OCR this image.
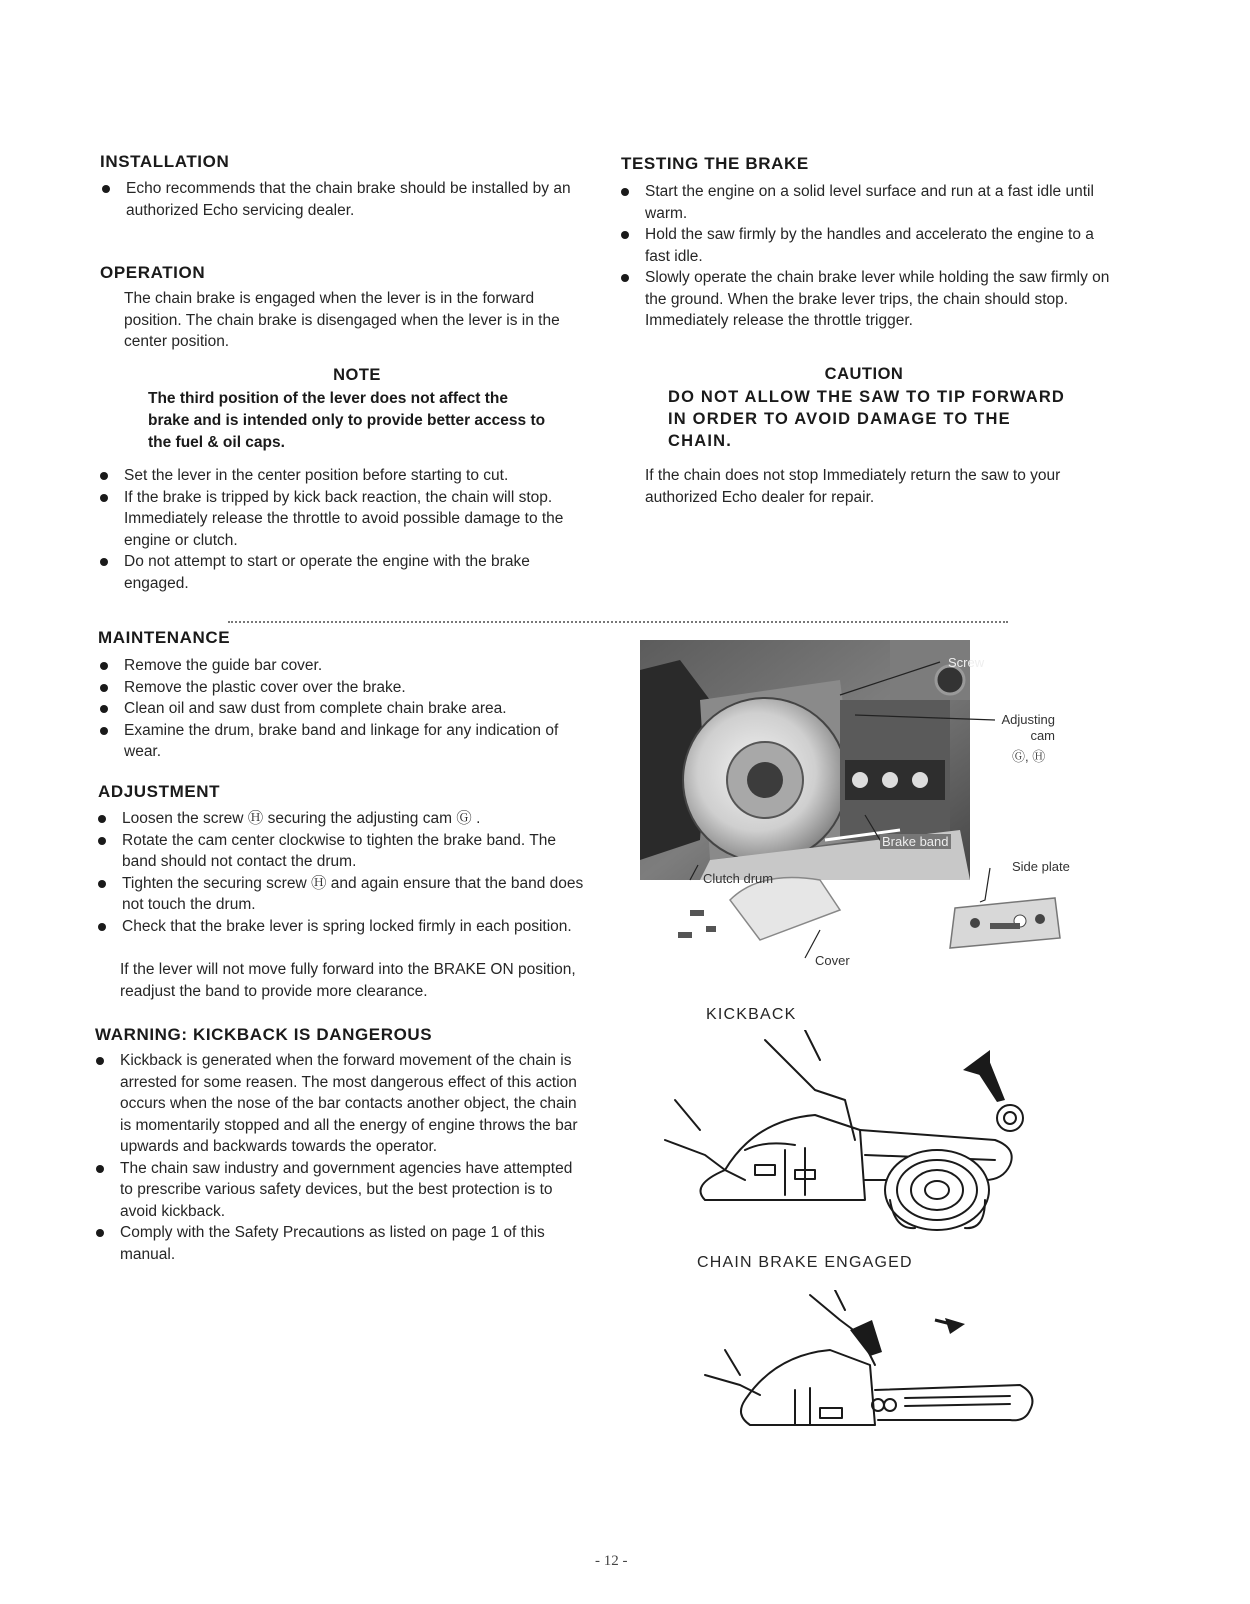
INSTALLATION
Echo recommends that the chain brake should be installed by an authorized Echo servicing dealer.
OPERATION
The chain brake is engaged when the lever is in the forward position. The chain brake is disengaged when the lever is in the center position.
NOTE
The third position of the lever does not affect the brake and is intended only to provide better access to the fuel & oil caps.
Set the lever in the center position before starting to cut.
If the brake is tripped by kick back reaction, the chain will stop. Immediately release the throttle to avoid possible damage to the engine or clutch.
Do not attempt to start or operate the engine with the brake engaged.
TESTING THE BRAKE
Start the engine on a solid level surface and run at a fast idle until warm.
Hold the saw firmly by the handles and accelerato the engine to a fast idle.
Slowly operate the chain brake lever while holding the saw firmly on the ground. When the brake lever trips, the chain should stop. Immediately release the throttle trigger.
CAUTION
DO NOT ALLOW THE SAW TO TIP FORWARD IN ORDER TO AVOID DAMAGE TO THE CHAIN.
If the chain does not stop Immediately return the saw to your authorized Echo dealer for repair.
MAINTENANCE
Remove the guide bar cover.
Remove the plastic cover over the brake.
Clean oil and saw dust from complete chain brake area.
Examine the drum, brake band and linkage for any indication of wear.
ADJUSTMENT
Loosen the screw Ⓗ securing the adjusting cam Ⓖ .
Rotate the cam center clockwise to tighten the brake band. The band should not contact the drum.
Tighten the securing screw Ⓗ and again ensure that the band does not touch the drum.
Check that the brake lever is spring locked firmly in each position.
If the lever will not move fully forward into the BRAKE ON position, readjust the band to provide more clearance.
WARNING: KICKBACK IS DANGEROUS
Kickback is generated when the forward movement of the chain is arrested for some reasen. The most dangerous effect of this action occurs when the nose of the bar contacts another object, the chain is momentarily stopped and all the energy of engine throws the bar upwards and backwards towards the operator.
The chain saw industry and government agencies have attempted to prescribe various safety devices, but the best protection is to avoid kickback.
Comply with the Safety Precautions as listed on page 1 of this manual.
Screw
Adjusting cam
Ⓖ, Ⓗ
Brake band
Clutch drum
Side plate
Cover
KICKBACK
CHAIN BRAKE ENGAGED
- 12 -
